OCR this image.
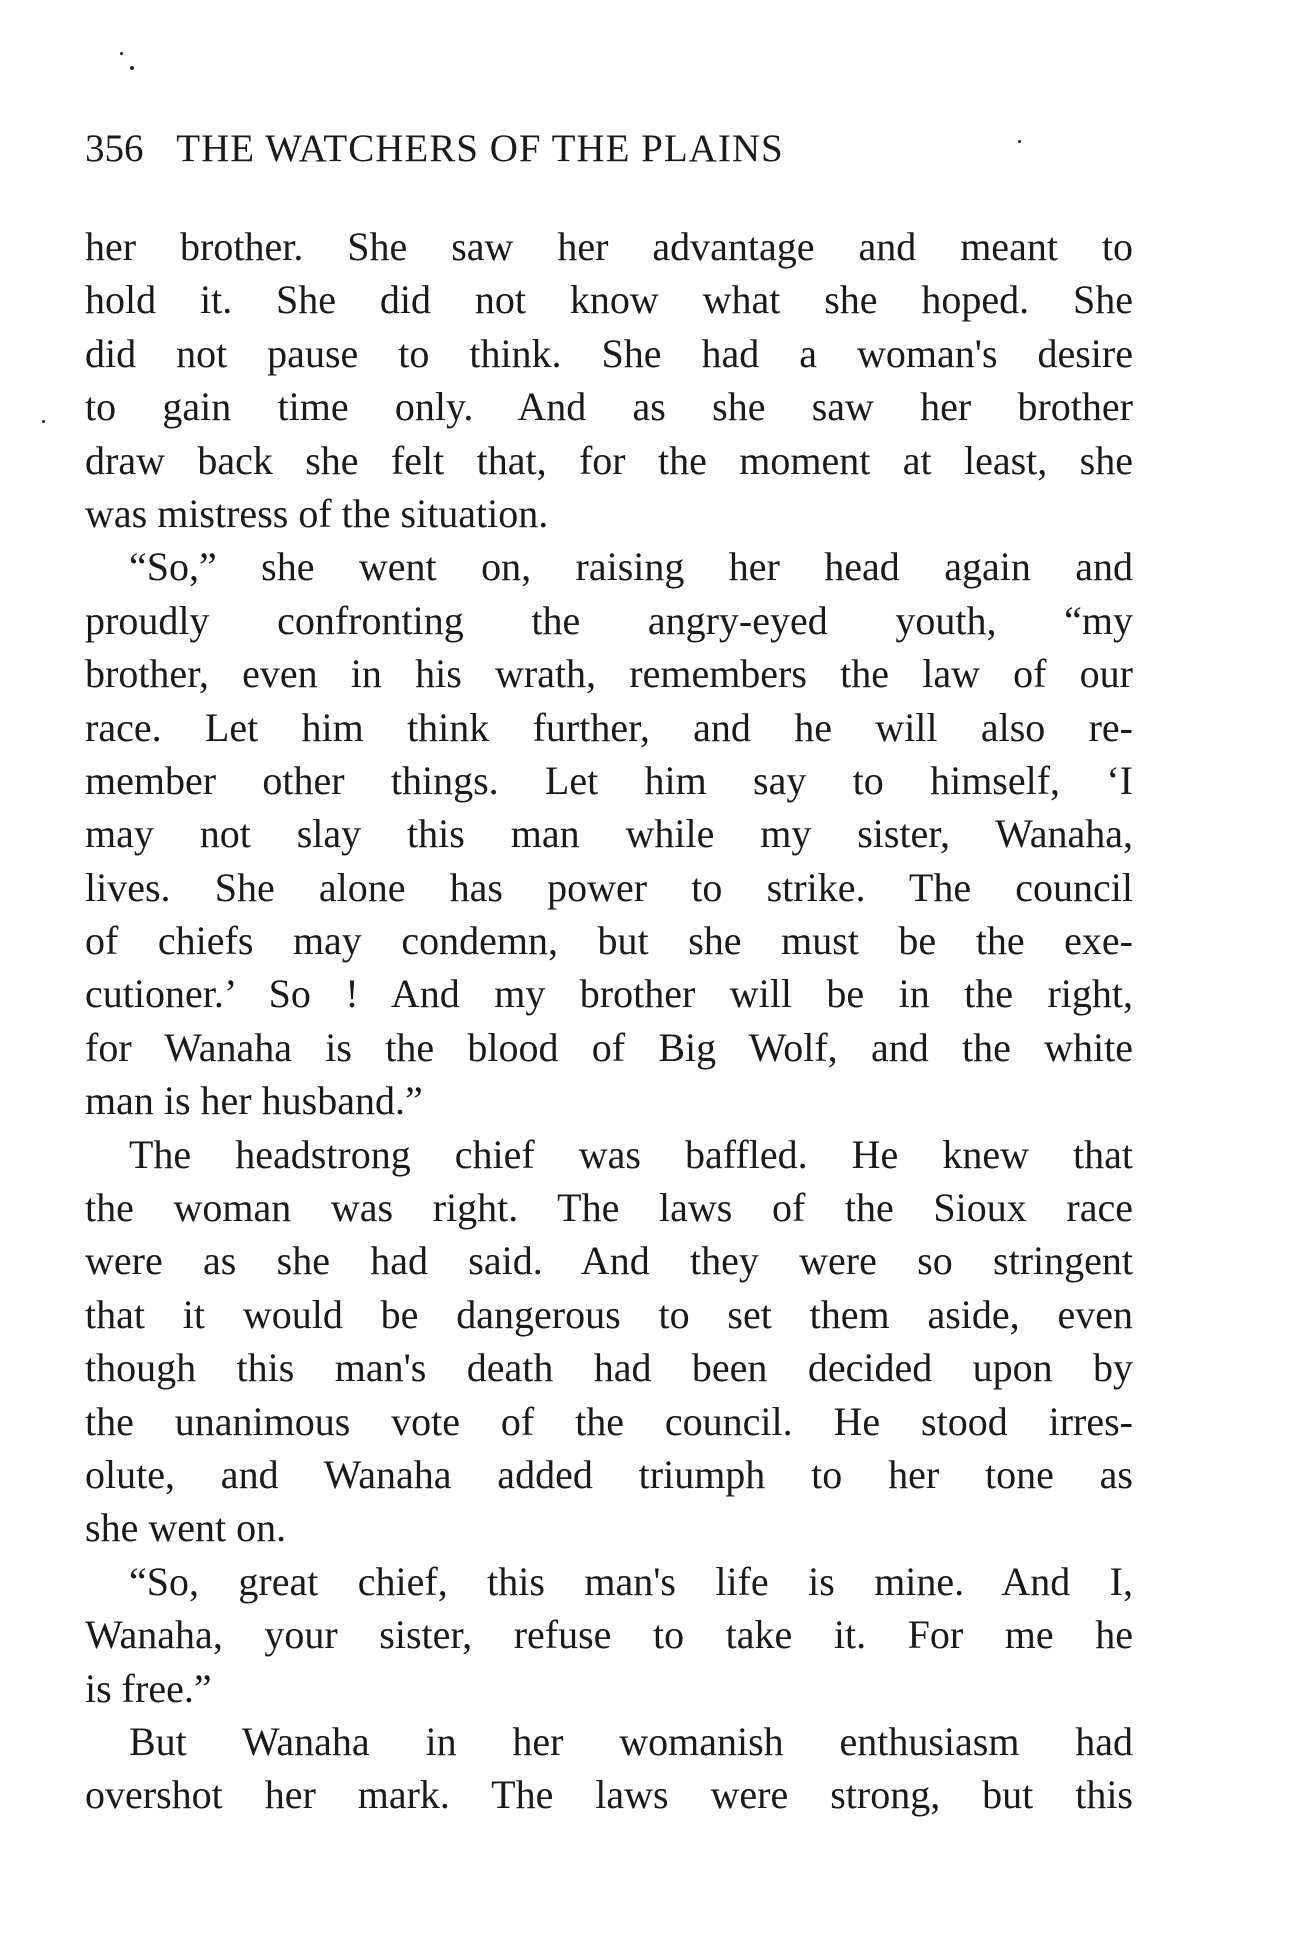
356 THE WATCHERS OF THE PLAINS
her brother. She saw her advantage and meant to
hold it. She did not know what she hoped. She
did not pause to think. She had a woman's desire
to gain time only. And as she saw her brother
draw back she felt that, for the moment at least, she
was mistress of the situation.
“So,” she went on, raising her head again and
proudly confronting the angry-eyed youth, “my
brother, even in his wrath, remembers the law of our
race. Let him think further, and he will also re-
member other things. Let him say to himself, ‘I
may not slay this man while my sister, Wanaha,
lives. She alone has power to strike. The council
of chiefs may condemn, but she must be the exe-
cutioner.’ So ! And my brother will be in the right,
for Wanaha is the blood of Big Wolf, and the white
man is her husband.”
The headstrong chief was baffled. He knew that
the woman was right. The laws of the Sioux race
were as she had said. And they were so stringent
that it would be dangerous to set them aside, even
though this man's death had been decided upon by
the unanimous vote of the council. He stood irres-
olute, and Wanaha added triumph to her tone as
she went on.
“So, great chief, this man's life is mine. And I,
Wanaha, your sister, refuse to take it. For me he
is free.”
But Wanaha in her womanish enthusiasm had
overshot her mark. The laws were strong, but this
